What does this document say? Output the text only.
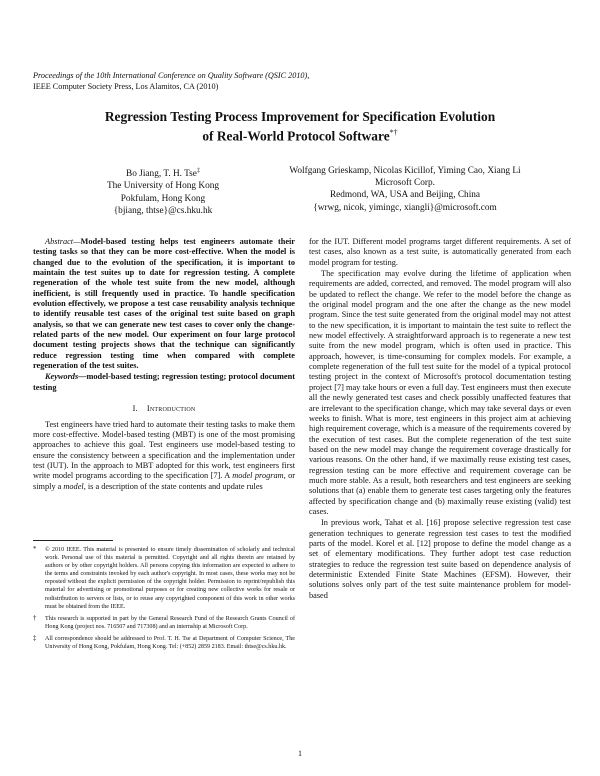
Proceedings of the 10th International Conference on Quality Software (QSIC 2010),
IEEE Computer Society Press, Los Alamitos, CA (2010)
Regression Testing Process Improvement for Specification Evolution
of Real-World Protocol Software*†
Bo Jiang, T. H. Tse‡
The University of Hong Kong
Pokfulam, Hong Kong
{bjiang, thtse}@cs.hku.hk
Wolfgang Grieskamp, Nicolas Kicillof, Yiming Cao, Xiang Li
Microsoft Corp.
Redmond, WA, USA and Beijing, China
{wrwg, nicok, yimingc, xiangli}@microsoft.com

Abstract—Model-based testing helps test engineers automate their testing tasks so that they can be more cost-effective. When the model is changed due to the evolution of the specification, it is important to maintain the test suites up to date for regression testing. A complete regeneration of the whole test suite from the new model, although inefficient, is still frequently used in practice. To handle specification evolution effectively, we propose a test case reusability analysis technique to identify reusable test cases of the original test suite based on graph analysis, so that we can generate new test cases to cover only the change-related parts of the new model. Our experiment on four large protocol document testing projects shows that the technique can significantly reduce regression testing time when compared with complete regeneration of the test suites.

Keywords—model-based testing; regression testing; protocol document testing

I. Introduction

Test engineers have tried hard to automate their testing tasks to make them more cost-effective. Model-based testing (MBT) is one of the most promising approaches to achieve this goal. Test engineers use model-based testing to ensure the consistency between a specification and the implementation under test (IUT). In the approach to MBT adopted for this work, test engineers first write model programs according to the specification [7]. A model program, or simply a model, is a description of the state contents and update rules

*	© 2010 IEEE. This material is presented to ensure timely dissemination of scholarly and technical work. Personal use of this material is permitted. Copyright and all rights therein are retained by authors or by other copyright holders. All persons copying this information are expected to adhere to the terms and constraints invoked by each author's copyright. In most cases, these works may not be reposted without the explicit permission of the copyright holder. Permission to reprint/republish this material for advertising or promotional purposes or for creating new collective works for resale or redistribution to servers or lists, or to reuse any copyrighted component of this work in other works must be obtained from the IEEE.
†	This research is supported in part by the General Research Fund of the Research Grants Council of Hong Kong (project nos. 716507 and 717308) and an internship at Microsoft Corp.
‡	All correspondence should be addressed to Prof. T. H. Tse at Department of Computer Science, The University of Hong Kong, Pokfulam, Hong Kong. Tel: (+852) 2859 2183. Email: thtse@cs.hku.hk.

for the IUT. Different model programs target different requirements. A set of test cases, also known as a test suite, is automatically generated from each model program for testing.

The specification may evolve during the lifetime of application when requirements are added, corrected, and removed. The model program will also be updated to reflect the change. We refer to the model before the change as the original model program and the one after the change as the new model program. Since the test suite generated from the original model may not attest to the new specification, it is important to maintain the test suite to reflect the new model effectively. A straightforward approach is to regenerate a new test suite from the new model program, which is often used in practice. This approach, however, is time-consuming for complex models. For example, a complete regeneration of the full test suite for the model of a typical protocol testing project in the context of Microsoft's protocol documentation testing project [7] may take hours or even a full day. Test engineers must then execute all the newly generated test cases and check possibly unaffected features that are irrelevant to the specification change, which may take several days or even weeks to finish. What is more, test engineers in this project aim at achieving high requirement coverage, which is a measure of the requirements covered by the execution of test cases. But the complete regeneration of the test suite based on the new model may change the requirement coverage drastically for various reasons. On the other hand, if we maximally reuse existing test cases, regression testing can be more effective and requirement coverage can be much more stable. As a result, both researchers and test engineers are seeking solutions that (a) enable them to generate test cases targeting only the features affected by specification change and (b) maximally reuse existing (valid) test cases.

In previous work, Tahat et al. [16] propose selective regression test case generation techniques to generate regression test cases to test the modified parts of the model. Korel et al. [12] propose to define the model change as a set of elementary modifications. They further adopt test case reduction strategies to reduce the regression test suite based on dependence analysis of deterministic Extended Finite State Machines (EFSM). However, their solutions solves only part of the test suite maintenance problem for model-based

1
